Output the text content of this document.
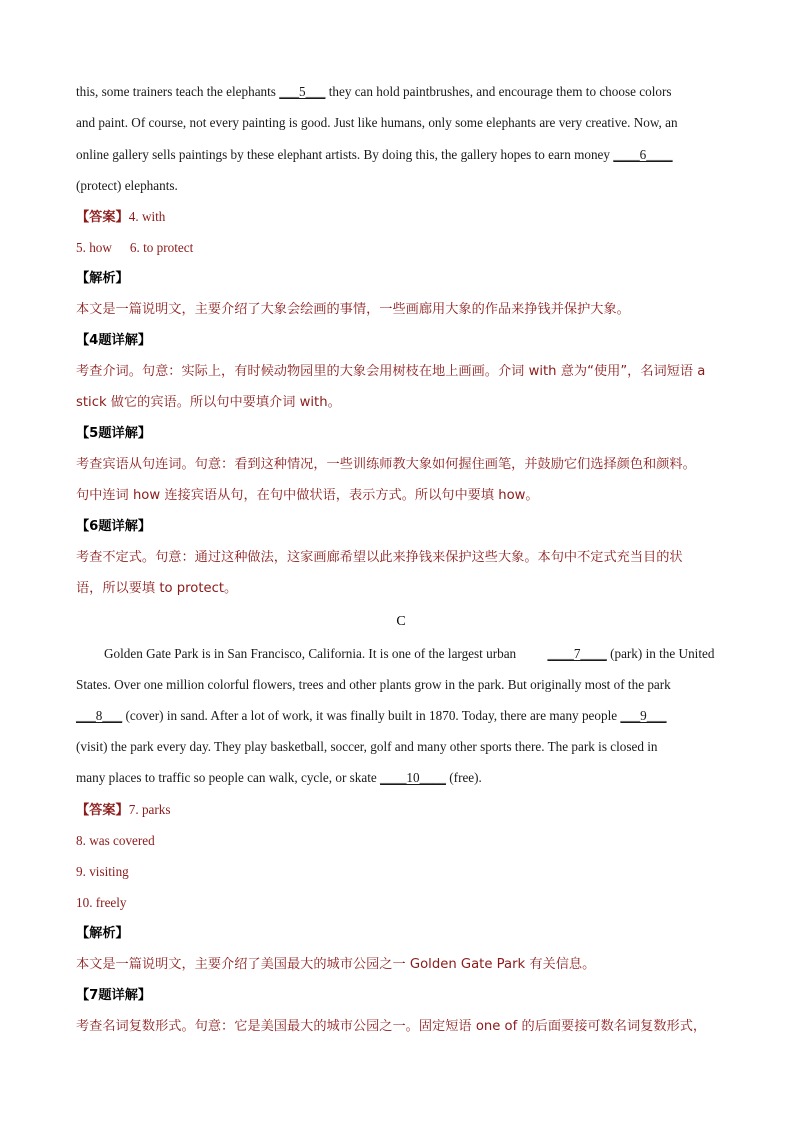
this, some trainers teach the elephants ___5___ they can hold paintbrushes, and encourage them to choose colors
and paint. Of course, not every painting is good. Just like humans, only some elephants are very creative. Now, an
online gallery sells paintings by these elephant artists. By doing this, the gallery hopes to earn money ____6____
(protect) elephants.
【答案】4. with
5. how 6. to protect
【解析】
本文是一篇说明文，主要介绍了大象会绘画的事情，一些画廊用大象的作品来挣钱并保护大象。
【4题详解】
考查介词。句意：实际上，有时候动物园里的大象会用树枝在地上画画。介词 with 意为“使用”，名词短语 a
stick 做它的宾语。所以句中要填介词 with。
【5题详解】
考查宾语从句连词。句意：看到这种情况，一些训练师教大象如何握住画笔，并鼓励它们选择颜色和颜料。
句中连词 how 连接宾语从句，在句中做状语，表示方式。所以句中要填 how。
【6题详解】
考查不定式。句意：通过这种做法，这家画廊希望以此来挣钱来保护这些大象。本句中不定式充当目的状
语，所以要填 to protect。
C
Golden Gate Park is in San Francisco, California. It is one of the largest urban ____7____ (park) in the United
States. Over one million colorful flowers, trees and other plants grow in the park. But originally most of the park
___8___ (cover) in sand. After a lot of work, it was finally built in 1870. Today, there are many people ___9___
(visit) the park every day. They play basketball, soccer, golf and many other sports there. The park is closed in
many places to traffic so people can walk, cycle, or skate ____10____ (free).
【答案】7. parks
8. was covered
9. visiting
10. freely
【解析】
本文是一篇说明文，主要介绍了美国最大的城市公园之一 Golden Gate Park 有关信息。
【7题详解】
考查名词复数形式。句意：它是美国最大的城市公园之一。固定短语 one of 的后面要接可数名词复数形式，
